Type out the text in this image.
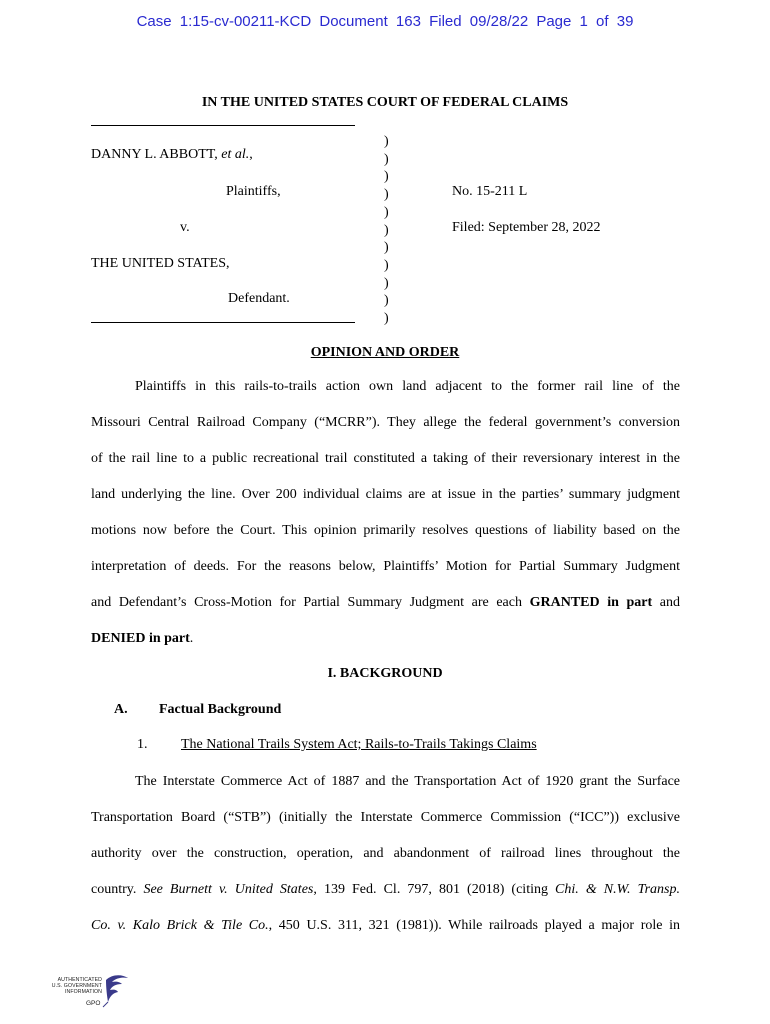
Case 1:15-cv-00211-KCD Document 163 Filed 09/28/22 Page 1 of 39
IN THE UNITED STATES COURT OF FEDERAL CLAIMS
)
)
)
)
)
)
)
)
)
)
)
DANNY L. ABBOTT, et al.,
Plaintiffs,
v.
THE UNITED STATES,
Defendant.
No. 15-211 L
Filed: September 28, 2022
OPINION AND ORDER
Plaintiffs in this rails-to-trails action own land adjacent to the former rail line of the
Missouri Central Railroad Company (“MCRR”). They allege the federal government’s conversion
of the rail line to a public recreational trail constituted a taking of their reversionary interest in the
land underlying the line. Over 200 individual claims are at issue in the parties’ summary judgment
motions now before the Court. This opinion primarily resolves questions of liability based on the
interpretation of deeds. For the reasons below, Plaintiffs’ Motion for Partial Summary Judgment
and Defendant’s Cross-Motion for Partial Summary Judgment are each GRANTED in part and
DENIED in part.
I. BACKGROUND
A. Factual Background
1. The National Trails System Act; Rails-to-Trails Takings Claims
The Interstate Commerce Act of 1887 and the Transportation Act of 1920 grant the Surface
Transportation Board (“STB”) (initially the Interstate Commerce Commission (“ICC”)) exclusive
authority over the construction, operation, and abandonment of railroad lines throughout the
country. See Burnett v. United States, 139 Fed. Cl. 797, 801 (2018) (citing Chi. & N.W. Transp.
Co. v. Kalo Brick & Tile Co., 450 U.S. 311, 321 (1981)). While railroads played a major role in
AUTHENTICATED
U.S. GOVERNMENT
INFORMATION
GPO
